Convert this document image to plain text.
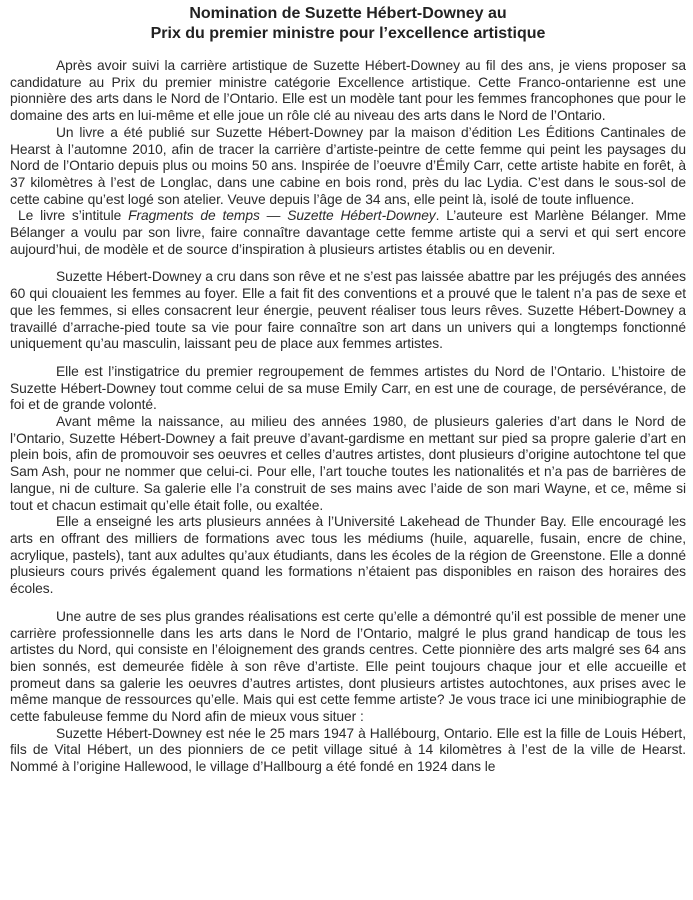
Nomination de Suzette Hébert-Downey au
Prix du premier ministre pour l’excellence artistique

Après avoir suivi la carrière artistique de Suzette Hébert-Downey au fil des ans, je viens proposer sa candidature au Prix du premier ministre catégorie Excellence artistique. Cette Franco-ontarienne est une pionnière des arts dans le Nord de l’Ontario. Elle est un modèle tant pour les femmes francophones que pour le domaine des arts en lui-même et elle joue un rôle clé au niveau des arts dans le Nord de l’Ontario.

Un livre a été publié sur Suzette Hébert-Downey par la maison d’édition Les Éditions Cantinales de Hearst à l’automne 2010, afin de tracer la carrière d’artiste-peintre de cette femme qui peint les paysages du Nord de l’Ontario depuis plus ou moins 50 ans. Inspirée de l’oeuvre d’Émily Carr, cette artiste habite en forêt, à 37 kilomètres à l’est de Longlac, dans une cabine en bois rond, près du lac Lydia. C’est dans le sous-sol de cette cabine qu’est logé son atelier. Veuve depuis l’âge de 34 ans, elle peint là, isolé de toute influence.

Le livre s’intitule Fragments de temps — Suzette Hébert-Downey. L’auteure est Marlène Bélanger. Mme Bélanger a voulu par son livre, faire connaître davantage cette femme artiste qui a servi et qui sert encore aujourd’hui, de modèle et de source d’inspiration à plusieurs artistes établis ou en devenir.

Suzette Hébert-Downey a cru dans son rêve et ne s’est pas laissée abattre par les préjugés des années 60 qui clouaient les femmes au foyer. Elle a fait fit des conventions et a prouvé que le talent n’a pas de sexe et que les femmes, si elles consacrent leur énergie, peuvent réaliser tous leurs rêves. Suzette Hébert-Downey a travaillé d’arrache-pied toute sa vie pour faire connaître son art dans un univers qui a longtemps fonctionné uniquement qu’au masculin, laissant peu de place aux femmes artistes.

Elle est l’instigatrice du premier regroupement de femmes artistes du Nord de l’Ontario. L’histoire de Suzette Hébert-Downey tout comme celui de sa muse Emily Carr, en est une de courage, de persévérance, de foi et de grande volonté.

Avant même la naissance, au milieu des années 1980, de plusieurs galeries d’art dans le Nord de l’Ontario, Suzette Hébert-Downey a fait preuve d’avant-gardisme en mettant sur pied sa propre galerie d’art en plein bois, afin de promouvoir ses oeuvres et celles d’autres artistes, dont plusieurs d’origine autochtone tel que Sam Ash, pour ne nommer que celui-ci. Pour elle, l’art touche toutes les nationalités et n’a pas de barrières de langue, ni de culture. Sa galerie elle l’a construit de ses mains avec l’aide de son mari Wayne, et ce, même si tout et chacun estimait qu’elle était folle, ou exaltée.

Elle a enseigné les arts plusieurs années à l’Université Lakehead de Thunder Bay. Elle encouragé les arts en offrant des milliers de formations avec tous les médiums (huile, aquarelle, fusain, encre de chine, acrylique, pastels), tant aux adultes qu’aux étudiants, dans les écoles de la région de Greenstone. Elle a donné plusieurs cours privés également quand les formations n’étaient pas disponibles en raison des horaires des écoles.

Une autre de ses plus grandes réalisations est certe qu’elle a démontré qu’il est possible de mener une carrière professionnelle dans les arts dans le Nord de l’Ontario, malgré le plus grand handicap de tous les artistes du Nord, qui consiste en l’éloignement des grands centres. Cette pionnière des arts malgré ses 64 ans bien sonnés, est demeurée fidèle à son rêve d’artiste. Elle peint toujours chaque jour et elle accueille et promeut dans sa galerie les oeuvres d’autres artistes, dont plusieurs artistes autochtones, aux prises avec le même manque de ressources qu’elle. Mais qui est cette femme artiste? Je vous trace ici une minibiographie de cette fabuleuse femme du Nord afin de mieux vous situer :

Suzette Hébert-Downey est née le 25 mars 1947 à Hallébourg, Ontario. Elle est la fille de Louis Hébert, fils de Vital Hébert, un des pionniers de ce petit village situé à 14 kilomètres à l’est de la ville de Hearst. Nommé à l’origine Hallewood, le village d’Hallbourg a été fondé en 1924 dans le
